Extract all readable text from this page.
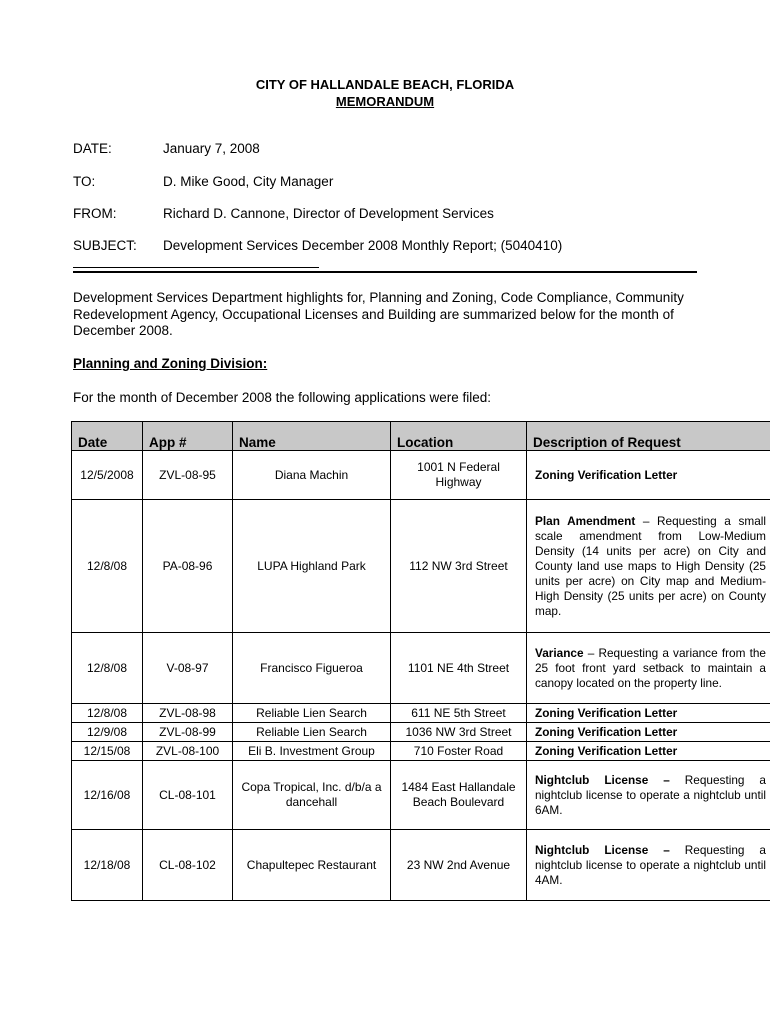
CITY OF HALLANDALE BEACH, FLORIDA
MEMORANDUM
DATE:	January 7, 2008
TO:	D. Mike Good, City Manager
FROM:	Richard D. Cannone, Director of Development Services
SUBJECT:	Development Services December 2008 Monthly Report; (5040410)
Development Services Department highlights for, Planning and Zoning, Code Compliance, Community Redevelopment Agency, Occupational Licenses and Building are summarized below for the month of December 2008.
Planning and Zoning Division:
For the month of December 2008 the following applications were filed:
Date	App #	Name	Location	Description of Request
12/5/2008	ZVL-08-95	Diana Machin	1001 N Federal Highway	Zoning Verification Letter
12/8/08	PA-08-96	LUPA Highland Park	112 NW 3rd Street	Plan Amendment – Requesting a small scale amendment from Low-Medium Density (14 units per acre) on City and County land use maps to High Density (25 units per acre) on City map and Medium-High Density (25 units per acre) on County map.
12/8/08	V-08-97	Francisco Figueroa	1101 NE 4th Street	Variance – Requesting a variance from the 25 foot front yard setback to maintain a canopy located on the property line.
12/8/08	ZVL-08-98	Reliable Lien Search	611 NE 5th Street	Zoning Verification Letter
12/9/08	ZVL-08-99	Reliable Lien Search	1036 NW 3rd Street	Zoning Verification Letter
12/15/08	ZVL-08-100	Eli B. Investment Group	710 Foster Road	Zoning Verification Letter
12/16/08	CL-08-101	Copa Tropical, Inc. d/b/a a dancehall	1484 East Hallandale Beach Boulevard	Nightclub License – Requesting a nightclub license to operate a nightclub until 6AM.
12/18/08	CL-08-102	Chapultepec Restaurant	23 NW 2nd Avenue	Nightclub License – Requesting a nightclub license to operate a nightclub until 4AM.
